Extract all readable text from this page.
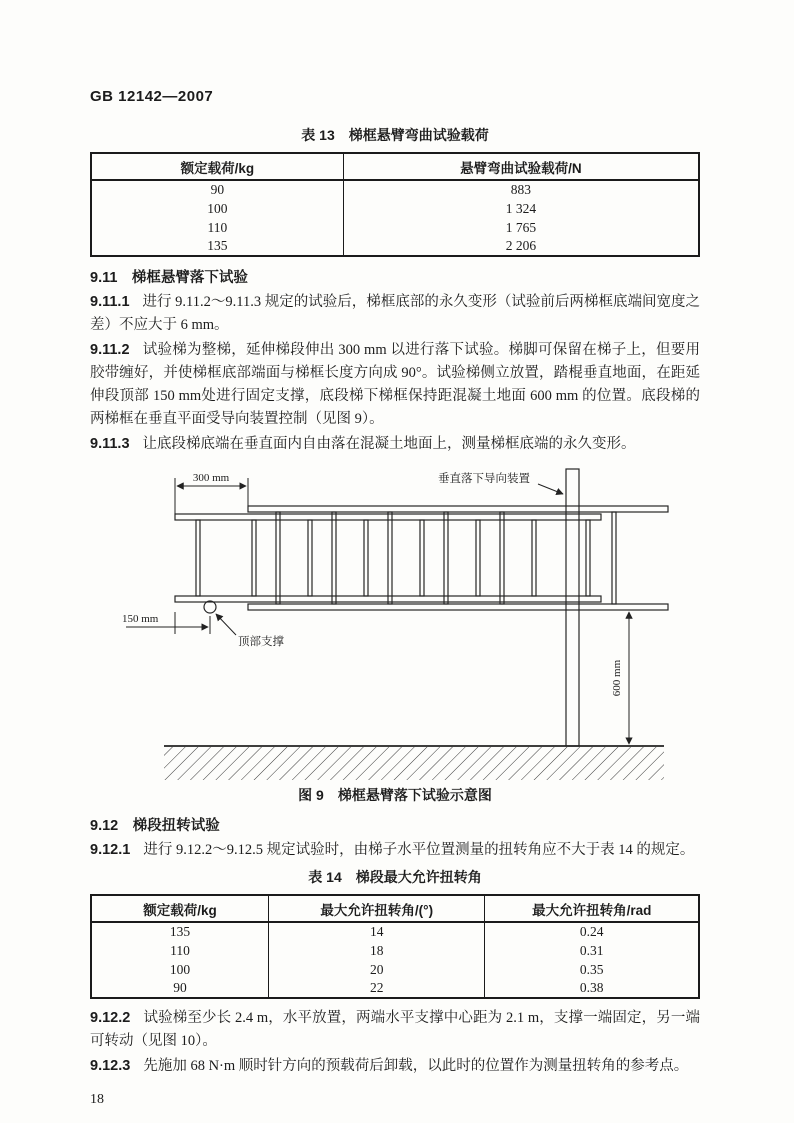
GB 12142—2007

表 13　梯框悬臂弯曲试验载荷
额定载荷/kg	悬臂弯曲试验载荷/N
90	883
100	1 324
110	1 765
135	2 206
9.11　梯框悬臂落下试验

9.11.1 进行 9.11.2～9.11.3 规定的试验后，梯框底部的永久变形（试验前后两梯框底端间宽度之差）不应大于 6 mm。

9.11.2 试验梯为整梯，延伸梯段伸出 300 mm 以进行落下试验。梯脚可保留在梯子上，但要用胶带缠好，并使梯框底部端面与梯框长度方向成 90°。试验梯侧立放置，踏棍垂直地面，在距延伸段顶部 150 mm处进行固定支撑，底段梯下梯框保持距混凝土地面 600 mm 的位置。底段梯的两梯框在垂直平面受导向装置控制（见图 9）。

9.11.3 让底段梯底端在垂直面内自由落在混凝土地面上，测量梯框底端的永久变形。

300 mm
150 mm
600 mm
垂直落下导向装置
顶部支撑
图 9　梯框悬臂落下试验示意图
9.12　梯段扭转试验

9.12.1 进行 9.12.2～9.12.5 规定试验时，由梯子水平位置测量的扭转角应不大于表 14 的规定。

表 14　梯段最大允许扭转角
额定载荷/kg	最大允许扭转角/(°)	最大允许扭转角/rad
135	14	0.24
110	18	0.31
100	20	0.35
90	22	0.38

9.12.2 试验梯至少长 2.4 m，水平放置，两端水平支撑中心距为 2.1 m，支撑一端固定，另一端可转动（见图 10）。

9.12.3 先施加 68 N·m 顺时针方向的预载荷后卸载，以此时的位置作为测量扭转角的参考点。

18
